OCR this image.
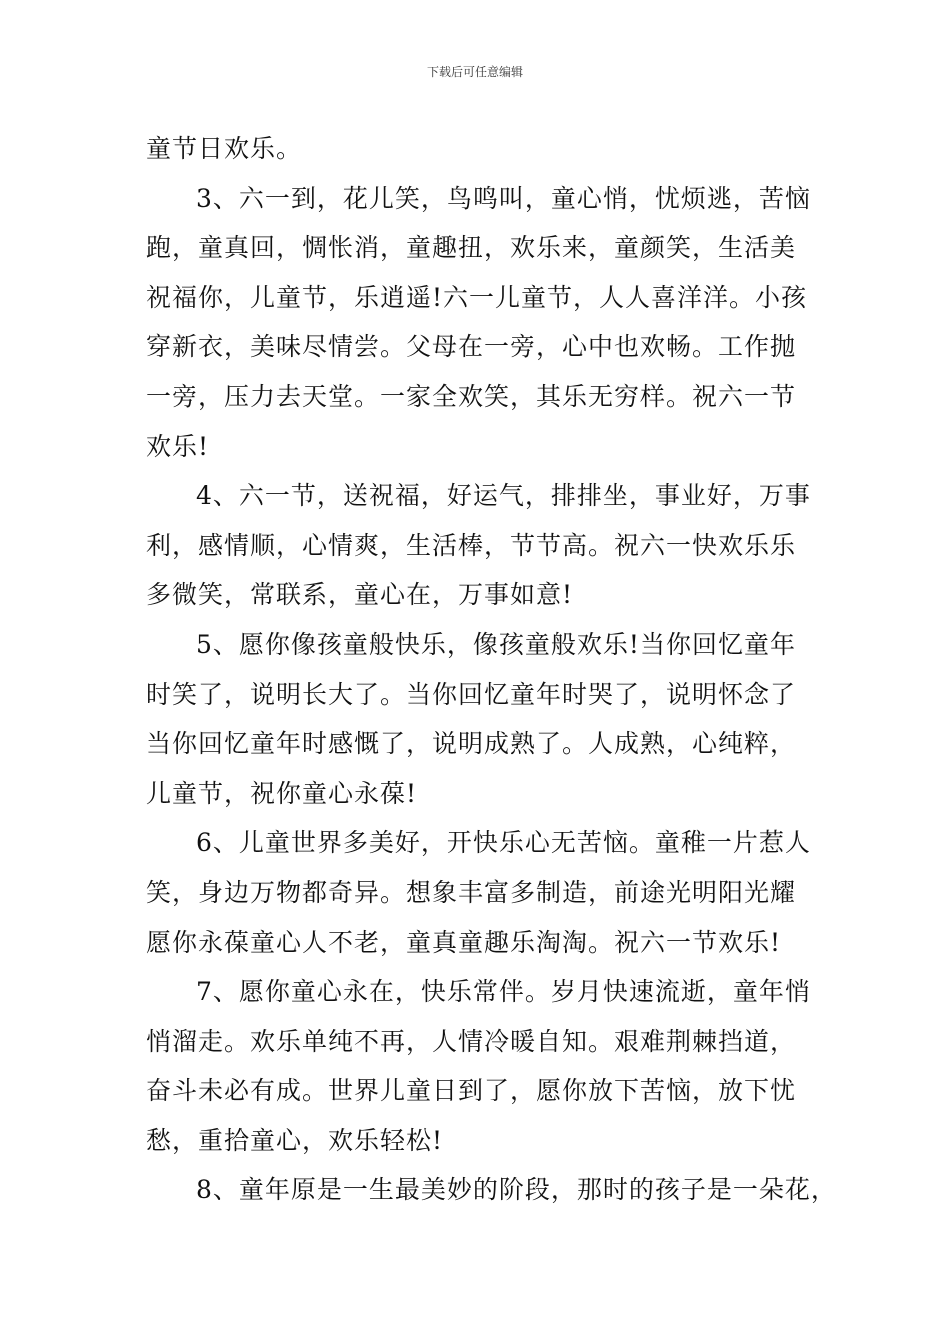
下载后可任意编辑
童节日欢乐。
3、六一到，花儿笑，鸟鸣叫，童心悄，忧烦逃，苦恼
跑，童真回，惆怅消，童趣扭，欢乐来，童颜笑，生活美
祝福你，儿童节，乐逍遥!六一儿童节，人人喜洋洋。小孩
穿新衣，美味尽情尝。父母在一旁，心中也欢畅。工作抛
一旁，压力去天堂。一家全欢笑，其乐无穷样。祝六一节
欢乐!
4、六一节，送祝福，好运气，排排坐，事业好，万事
利，感情顺，心情爽，生活棒，节节高。祝六一快欢乐乐
多微笑，常联系，童心在，万事如意!
5、愿你像孩童般快乐，像孩童般欢乐!当你回忆童年
时笑了，说明长大了。当你回忆童年时哭了，说明怀念了
当你回忆童年时感慨了，说明成熟了。人成熟，心纯粹，
儿童节，祝你童心永葆!
6、儿童世界多美好，开快乐心无苦恼。童稚一片惹人
笑，身边万物都奇异。想象丰富多制造，前途光明阳光耀
愿你永葆童心人不老，童真童趣乐淘淘。祝六一节欢乐!
7、愿你童心永在，快乐常伴。岁月快速流逝，童年悄
悄溜走。欢乐单纯不再，人情冷暖自知。艰难荆棘挡道，
奋斗未必有成。世界儿童日到了，愿你放下苦恼，放下忧
愁，重拾童心，欢乐轻松!
8、童年原是一生最美妙的阶段，那时的孩子是一朵花，
